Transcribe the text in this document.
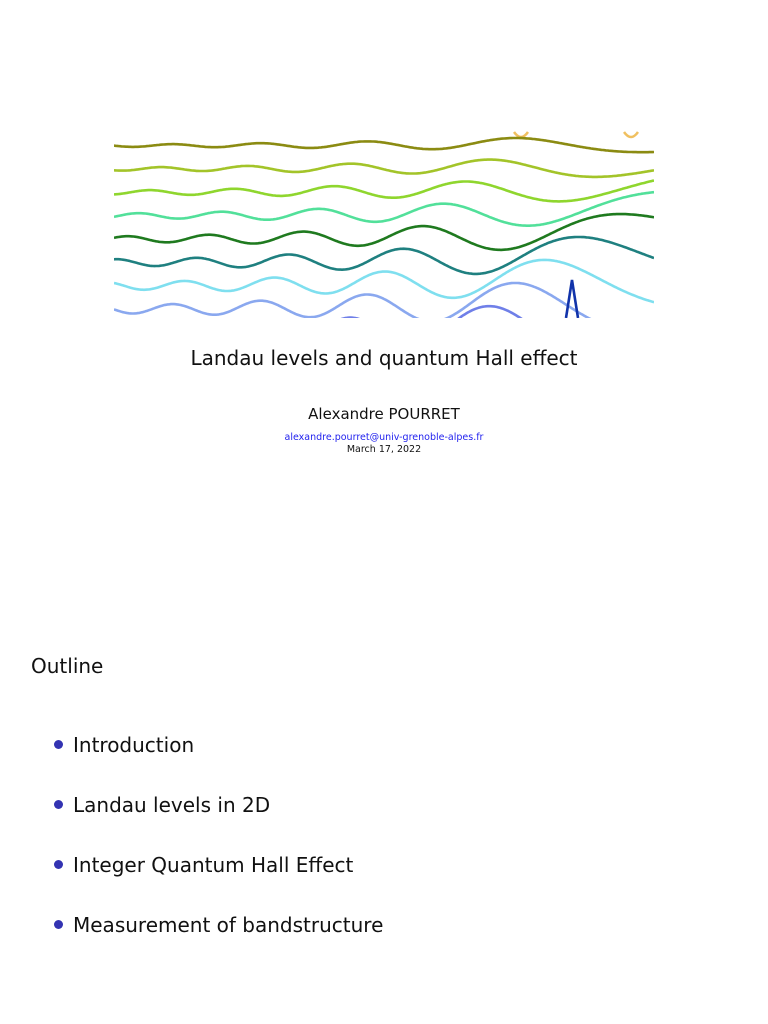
Landau levels and quantum Hall effect
Alexandre POURRET
alexandre.pourret@univ-grenoble-alpes.fr
March 17, 2022
Outline
Introduction
Landau levels in 2D
Integer Quantum Hall Effect
Measurement of bandstructure
